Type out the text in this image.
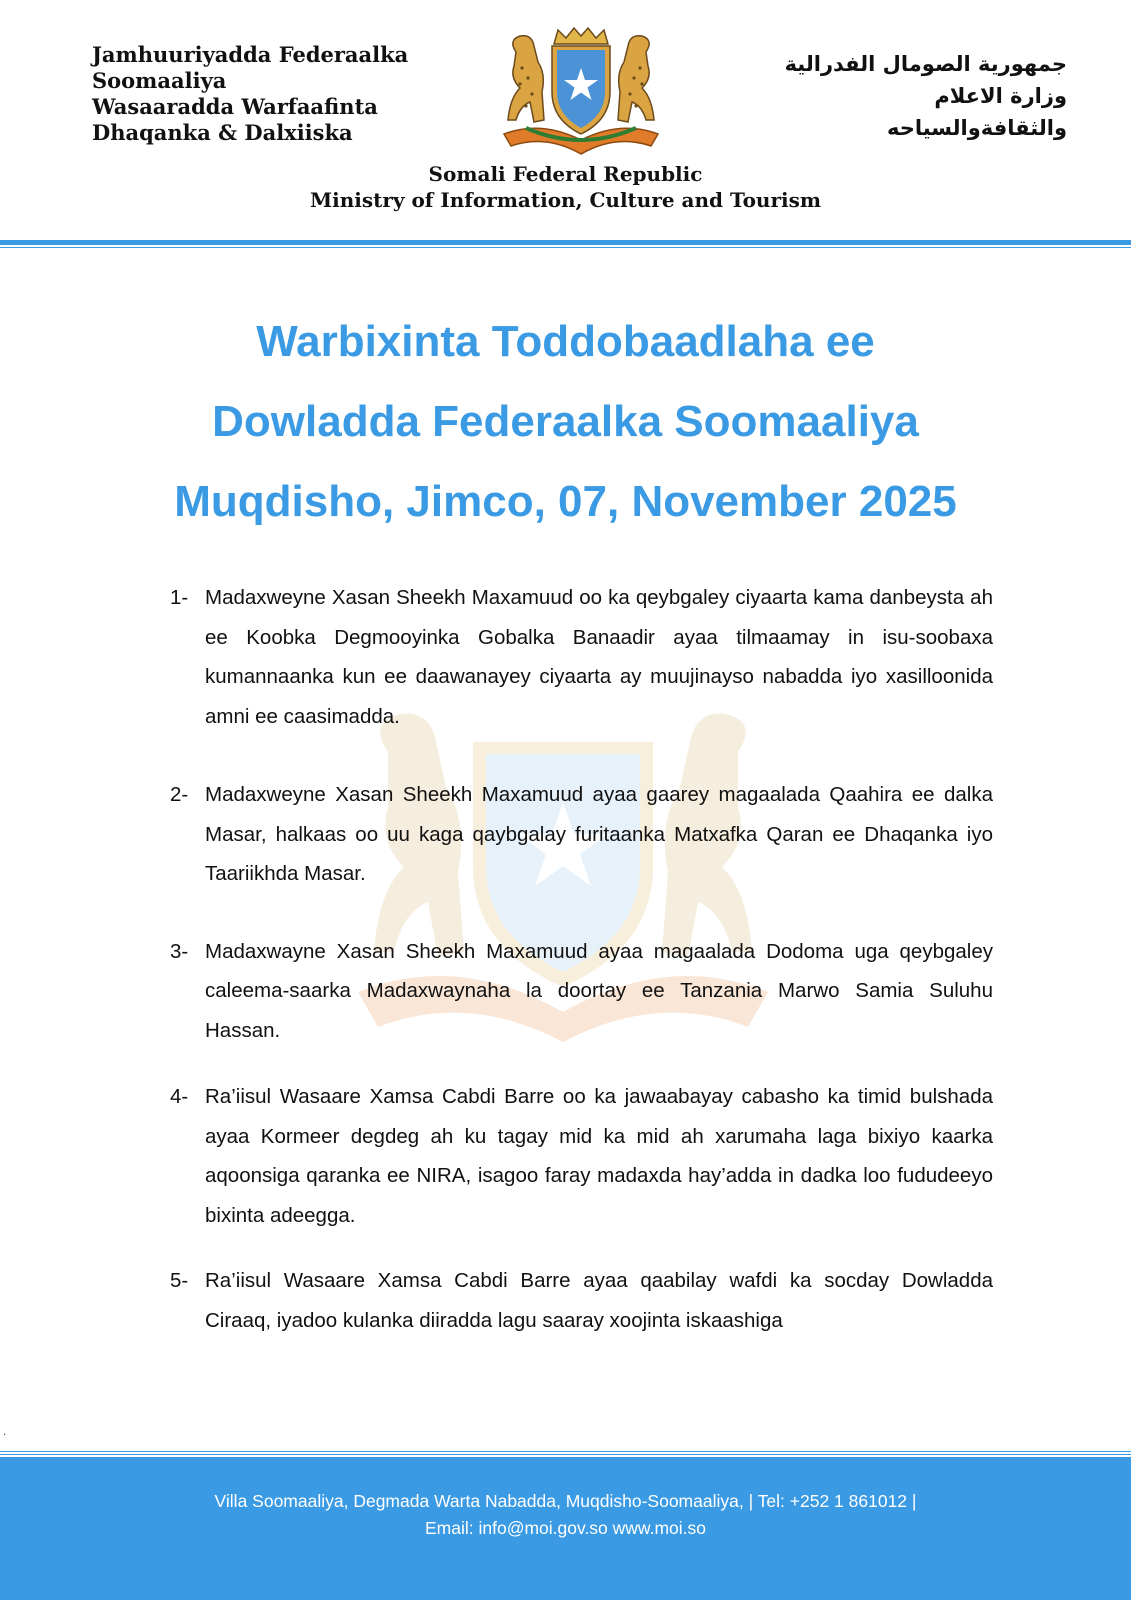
Jamhuuriyadda Federaalka
Soomaaliya
Wasaaradda Warfaafinta
Dhaqanka & Dalxiiska
جمهورية الصومال الفدرالية
وزارة الاعلام
والثقافةوالسياحه
Somali Federal Republic
Ministry of Information, Culture and Tourism
Warbixinta Toddobaadlaha ee
Dowladda Federaalka Soomaaliya
Muqdisho, Jimco, 07, November 2025
1- Madaxweyne Xasan Sheekh Maxamuud oo ka qeybgaley ciyaarta kama danbeysta ah ee Koobka Degmooyinka Gobalka Banaadir ayaa tilmaamay in isu-soobaxa kumannaanka kun ee daawanayey ciyaarta ay muujinayso nabadda iyo xasilloonida amni ee caasimadda.
2- Madaxweyne Xasan Sheekh Maxamuud ayaa gaarey magaalada Qaahira ee dalka Masar, halkaas oo uu kaga qaybgalay furitaanka Matxafka Qaran ee Dhaqanka iyo Taariikhda Masar.
3- Madaxwayne Xasan Sheekh Maxamuud ayaa magaalada Dodoma uga qeybgaley caleema-saarka Madaxwaynaha la doortay ee Tanzania Marwo Samia Suluhu Hassan.
4- Ra’iisul Wasaare Xamsa Cabdi Barre oo ka jawaabayay cabasho ka timid bulshada ayaa Kormeer degdeg ah ku tagay mid ka mid ah xarumaha laga bixiyo kaarka aqoonsiga qaranka ee NIRA, isagoo faray madaxda hay’adda in dadka loo fududeeyo bixinta adeegga.
5- Ra’iisul Wasaare Xamsa Cabdi Barre ayaa qaabilay wafdi ka socday Dowladda Ciraaq, iyadoo kulanka diiradda lagu saaray xoojinta iskaashiga
.
Villa Soomaaliya, Degmada Warta Nabadda, Muqdisho-Soomaaliya, | Tel: +252 1 861012 |
Email: info@moi.gov.so www.moi.so
